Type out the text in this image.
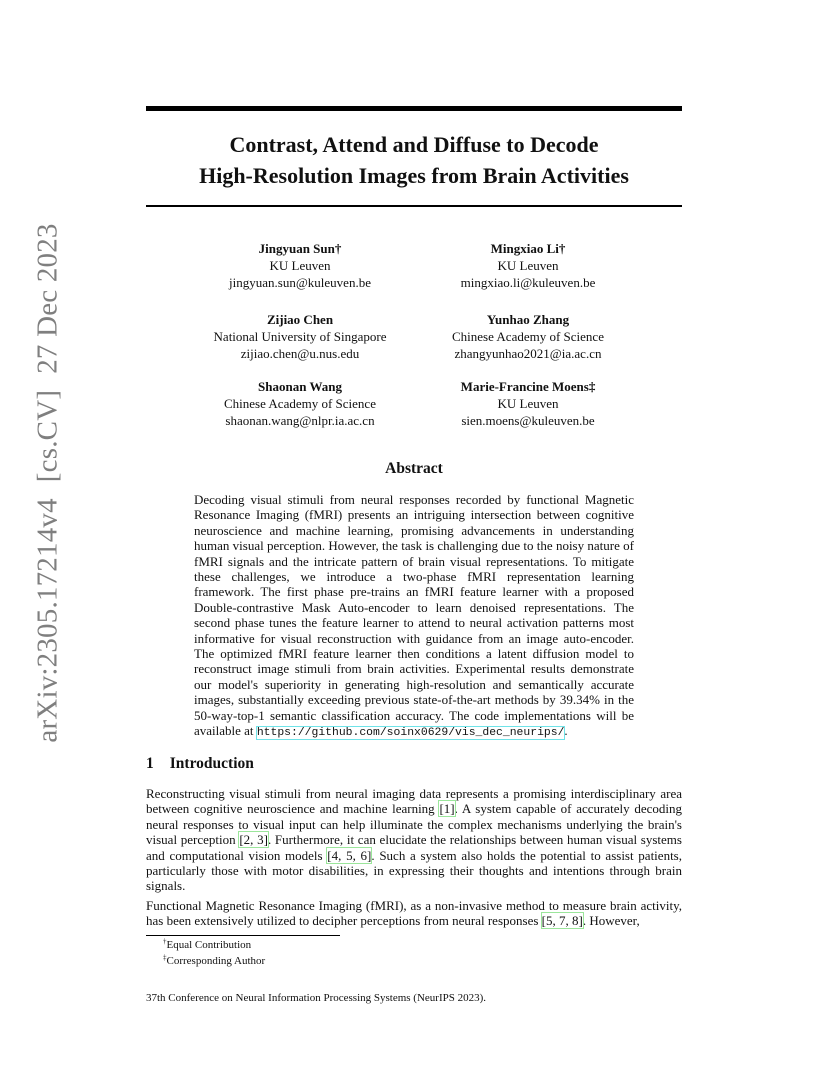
arXiv:2305.17214v4[cs.CV]27 Dec 2023
Contrast, Attend and Diffuse to Decode
High-Resolution Images from Brain Activities
Jingyuan Sun†
KU Leuven
jingyuan.sun@kuleuven.be
Mingxiao Li†
KU Leuven
mingxiao.li@kuleuven.be
Zijiao Chen
National University of Singapore
zijiao.chen@u.nus.edu
Yunhao Zhang
Chinese Academy of Science
zhangyunhao2021@ia.ac.cn
Shaonan Wang
Chinese Academy of Science
shaonan.wang@nlpr.ia.ac.cn
Marie-Francine Moens‡
KU Leuven
sien.moens@kuleuven.be
Abstract
Decoding visual stimuli from neural responses recorded by functional Magnetic Resonance Imaging (fMRI) presents an intriguing intersection between cognitive neuroscience and machine learning, promising advancements in understanding human visual perception. However, the task is challenging due to the noisy nature of fMRI signals and the intricate pattern of brain visual representations. To mitigate these challenges, we introduce a two-phase fMRI representation learning framework. The first phase pre-trains an fMRI feature learner with a proposed Double-contrastive Mask Auto-encoder to learn denoised representations. The second phase tunes the feature learner to attend to neural activation patterns most informative for visual reconstruction with guidance from an image auto-encoder. The optimized fMRI feature learner then conditions a latent diffusion model to reconstruct image stimuli from brain activities. Experimental results demonstrate our model's superiority in generating high-resolution and semantically accurate images, substantially exceeding previous state-of-the-art methods by 39.34% in the 50-way-top-1 semantic classification accuracy. The code implementations will be available at https://github.com/soinx0629/vis_dec_neurips/.
1 Introduction
Reconstructing visual stimuli from neural imaging data represents a promising interdisciplinary area between cognitive neuroscience and machine learning [1]. A system capable of accurately decoding neural responses to visual input can help illuminate the complex mechanisms underlying the brain's visual perception [2, 3]. Furthermore, it can elucidate the relationships between human visual systems and computational vision models [4, 5, 6]. Such a system also holds the potential to assist patients, particularly those with motor disabilities, in expressing their thoughts and intentions through brain signals.
Functional Magnetic Resonance Imaging (fMRI), as a non-invasive method to measure brain activity, has been extensively utilized to decipher perceptions from neural responses [5, 7, 8]. However,
†Equal Contribution
‡Corresponding Author
37th Conference on Neural Information Processing Systems (NeurIPS 2023).
